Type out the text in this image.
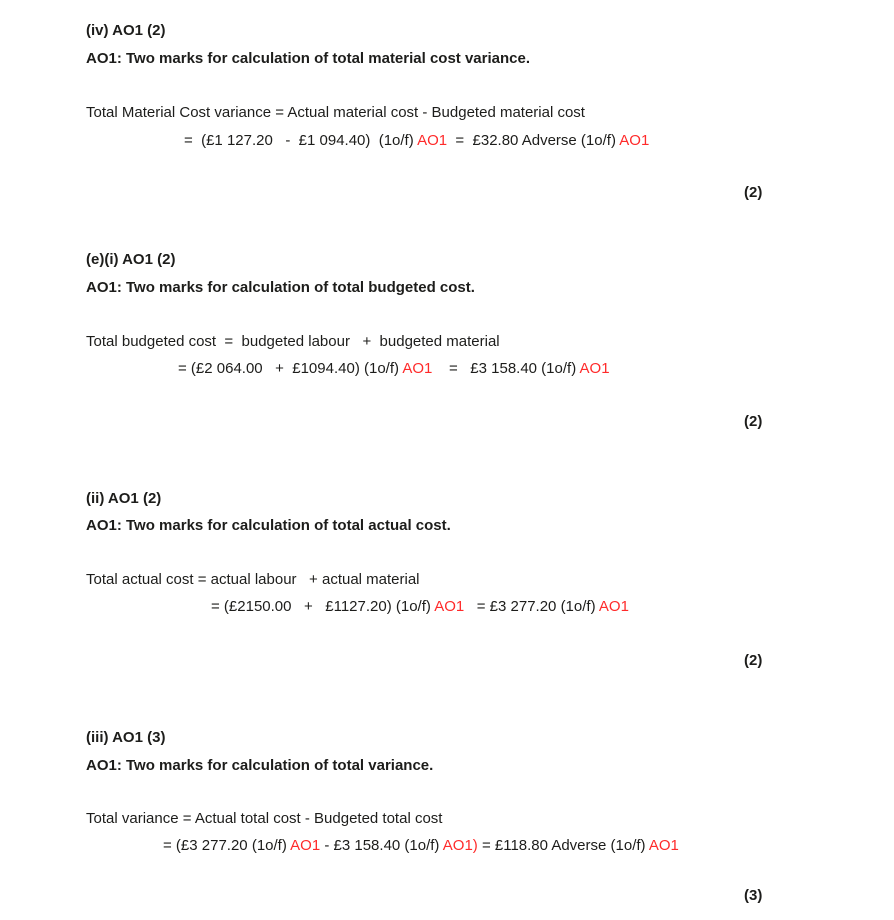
(iv) AO1 (2)
AO1: Two marks for calculation of total material cost variance.
Total Material Cost variance = Actual material cost - Budgeted material cost
=  (£1 127.20   -  £1 094.40)  (1o/f) AO1  =  £32.80 Adverse (1o/f) AO1
(2)
(e)(i) AO1 (2)
AO1: Two marks for calculation of total budgeted cost.
Total budgeted cost  =  budgeted labour   +  budgeted material
= (£2 064.00   +  £1094.40) (1o/f) AO1    =   £3 158.40 (1o/f) AO1
(2)
(ii) AO1 (2)
AO1: Two marks for calculation of total actual cost.
Total actual cost = actual labour   + actual material
= (£2150.00   +   £1127.20) (1o/f) AO1   = £3 277.20 (1o/f) AO1
(2)
(iii) AO1 (3)
AO1: Two marks for calculation of total variance.
Total variance = Actual total cost - Budgeted total cost
= (£3 277.20 (1o/f) AO1 - £3 158.40 (1o/f) AO1) = £118.80 Adverse (1o/f) AO1
(3)
